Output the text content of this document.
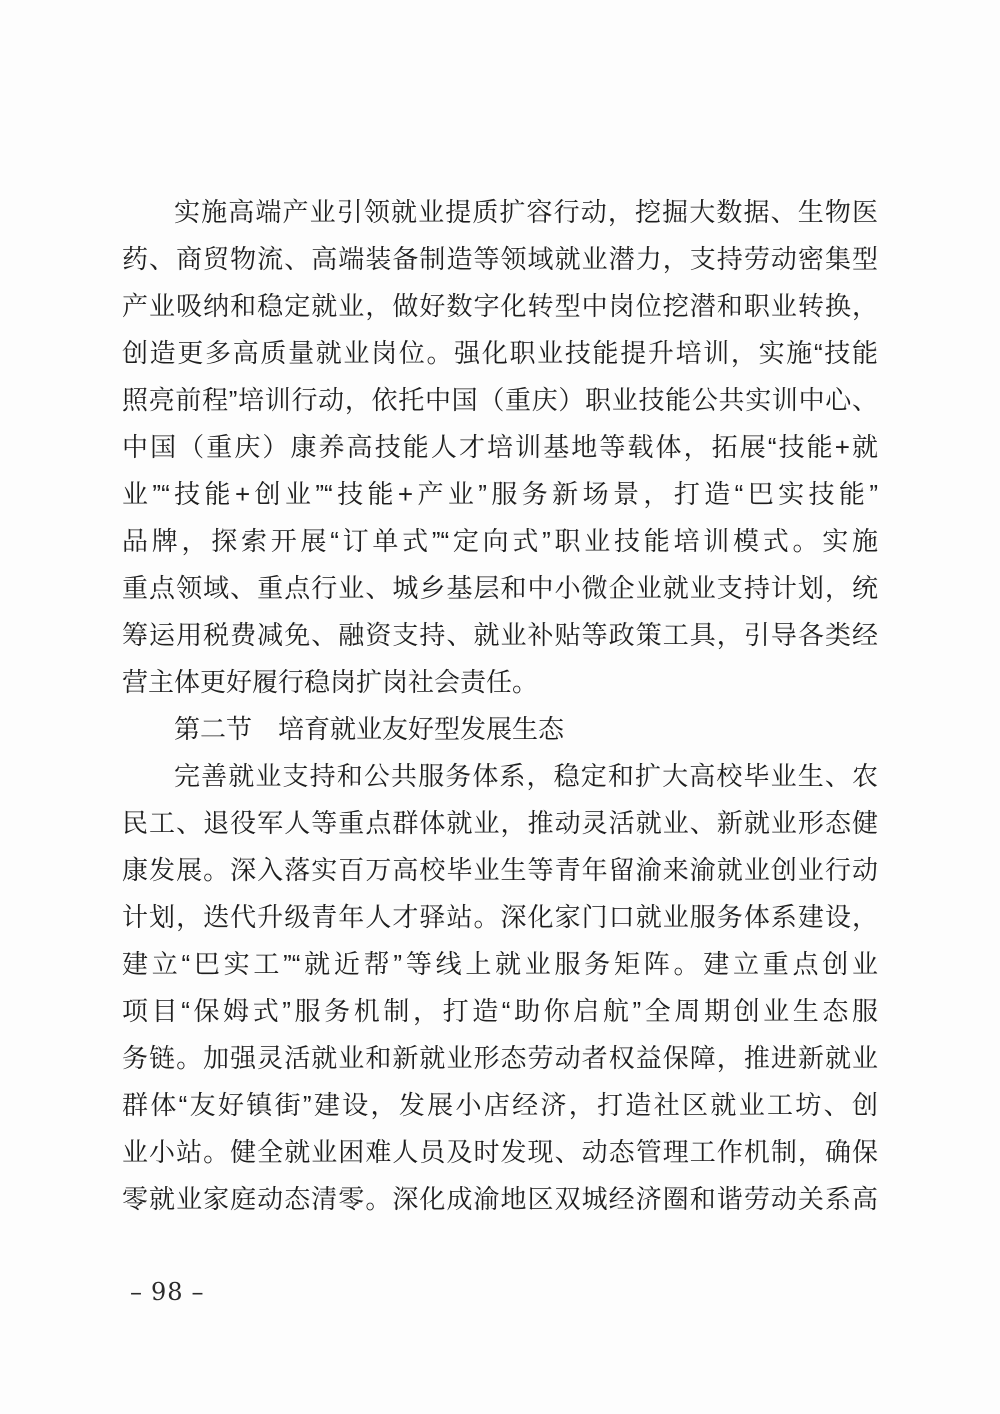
实施高端产业引领就业提质扩容行动，挖掘大数据、生物医
药、商贸物流、高端装备制造等领域就业潜力，支持劳动密集型
产业吸纳和稳定就业，做好数字化转型中岗位挖潜和职业转换，
创造更多高质量就业岗位。强化职业技能提升培训，实施“技能
照亮前程”培训行动，依托中国（重庆）职业技能公共实训中心、
中国（重庆）康养高技能人才培训基地等载体，拓展“技能+就
业”“技能+创业”“技能+产业”服务新场景，打造“巴实技能”
品牌，探索开展“订单式”“定向式”职业技能培训模式。实施
重点领域、重点行业、城乡基层和中小微企业就业支持计划，统
筹运用税费减免、融资支持、就业补贴等政策工具，引导各类经
营主体更好履行稳岗扩岗社会责任。
第二节　培育就业友好型发展生态
完善就业支持和公共服务体系，稳定和扩大高校毕业生、农
民工、退役军人等重点群体就业，推动灵活就业、新就业形态健
康发展。深入落实百万高校毕业生等青年留渝来渝就业创业行动
计划，迭代升级青年人才驿站。深化家门口就业服务体系建设，
建立“巴实工”“就近帮”等线上就业服务矩阵。建立重点创业
项目“保姆式”服务机制，打造“助你启航”全周期创业生态服
务链。加强灵活就业和新就业形态劳动者权益保障，推进新就业
群体“友好镇街”建设，发展小店经济，打造社区就业工坊、创
业小站。健全就业困难人员及时发现、动态管理工作机制，确保
零就业家庭动态清零。深化成渝地区双城经济圈和谐劳动关系高
– 98 –
